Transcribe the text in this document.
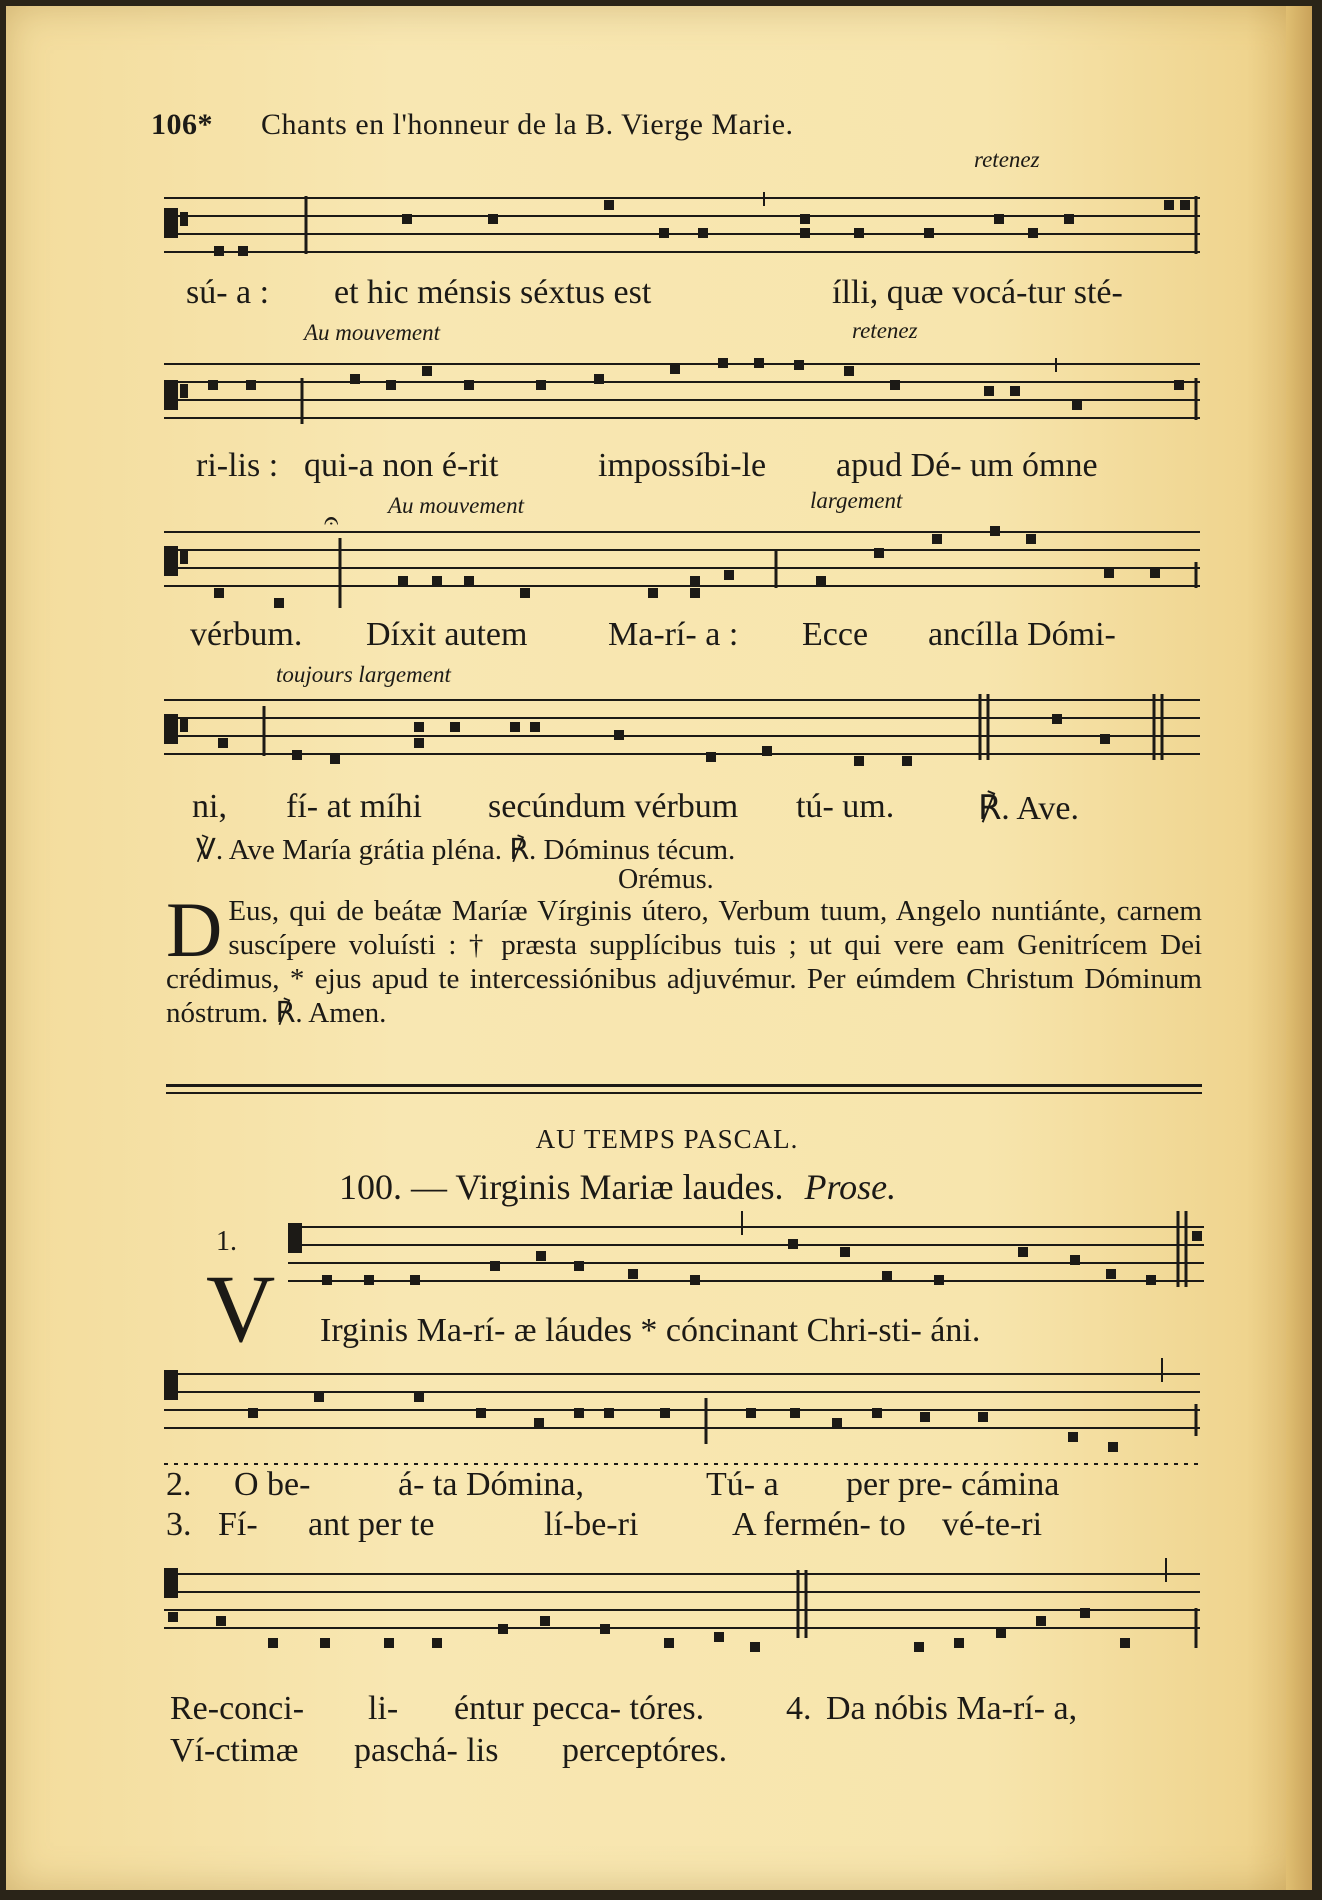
106* Chants en l'honneur de la B. Vierge Marie.
retenez
sú- a : et hic ménsis séxtus est	ílli, quæ vocá-tur sté-
Au mouvement	retenez
ri-lis : qui-a non é-rit	impossíbi-le apud Dé- um ómne
𝄐
Au mouvement	largement
vérbum. Díxit autem Ma-rí- a : Ecce ancílla Dómi-
toujours largement
ni, fí- at míhi secúndum vérbum tú- um. ℟. Ave.
℣. Ave María grátia pléna. ℟. Dóminus técum.
Orémus.
D Eus, qui de beátæ Maríæ Vírginis útero, Verbum tuum, Angelo nuntiánte, carnem suscípere voluísti : † præsta supplícibus tuis ; ut qui vere eam Genitrícem Dei crédimus, * ejus apud te intercessiónibus adjuvémur. Per eúmdem Christum Dóminum nóstrum. ℟. Amen.
AU TEMPS PASCAL.
100. — Virginis Mariæ laudes. Prose.
1.
V Irginis Ma-rí- æ láudes * cóncinant Chri-sti- áni.
2. O be-	á- ta Dómina,	Tú- a per pre- cámina
3. Fí- ant per te	lí-be-ri	A fermén- to vé-te-ri
Re-conci- li- éntur pecca- tóres. 4. Da nóbis Ma-rí- a,
Ví-ctimæ paschá- lis perceptóres.
